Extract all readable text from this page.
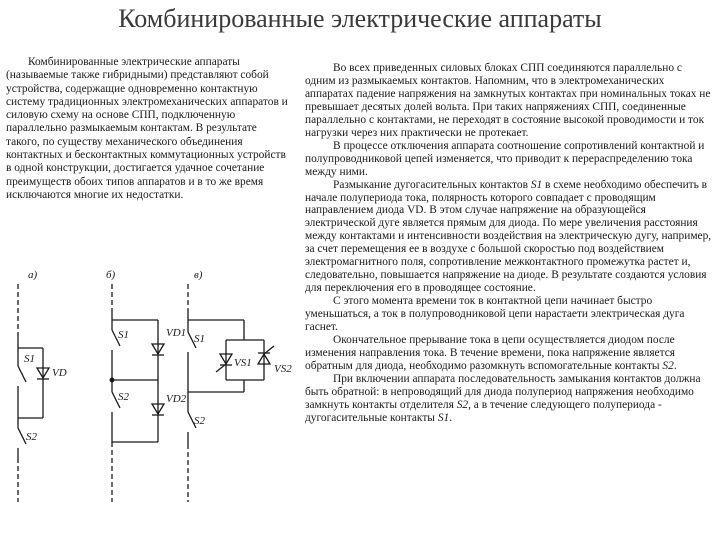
Комбинированные электрические аппараты

Комбинированные электрические аппараты (называемые также гибридными) представляют собой устройства, содержащие одновременно контактную систему традиционных электромеханических аппаратов и силовую схему на основе СПП, подключенную параллельно размыкаемым контактам. В результате такого, по существу механического объединения контактных и бесконтактных коммутационных устройств в одной конструкции, достигается удачное сочетание преимуществ обоих типов аппаратов и в то же время исключаются многие их недостатки.

a)
S1
VD
S2
б)
S1
S2
VD1
VD2
в)
S1
VS1 VS2
S2

Во всех приведенных силовых блоках СПП соединяются параллельно с одним из размыкаемых контактов. Напомним, что в электромеханических аппаратах падение напряжения на замкнутых контактах при номинальных токах не превышает десятых долей вольта. При таких напряжениях СПП, соединенные параллельно с контактами, не переходят в состояние высокой проводимости и ток нагрузки через них практически не протекает.

В процессе отключения аппарата соотношение сопротивлений контактной и полупроводниковой цепей изменяется, что приводит к перераспределению тока между ними.

Размыкание дугогасительных контактов S1 в схеме необходимо обеспечить в начале полупериода тока, полярность которого совпадает с проводящим направлением диода VD. В этом случае напряжение на образующейся электрической дуге является прямым для диода. По мере увеличения расстояния между контактами и интенсивности воздействия на электрическую дугу, например, за счет перемещения ее в воздухе с большой скоростью под воздействием электромагнитного поля, сопротивление межконтактного промежутка растет и, следовательно, повышается напряжение на диоде. В результате создаются условия для переключения его в проводящее состояние.

С этого момента времени ток в контактной цепи начинает быстро уменьшаться, а ток в полупроводниковой цепи нарастаeти электрическая дуга гаснет.

Окончательное прерывание тока в цепи осуществляется диодом после изменения направления тока. В течение времени, пока напряжение является обратным для диода, необходимо разомкнуть вспомогательные контакты S2.

При включении аппарата последовательность замыкания контактов должна быть обратной: в непроводящий для диода полупериод напряжения необходимо замкнуть контакты отделителя S2, а в течение следующего полупериода - дугогасительные контакты S1.
